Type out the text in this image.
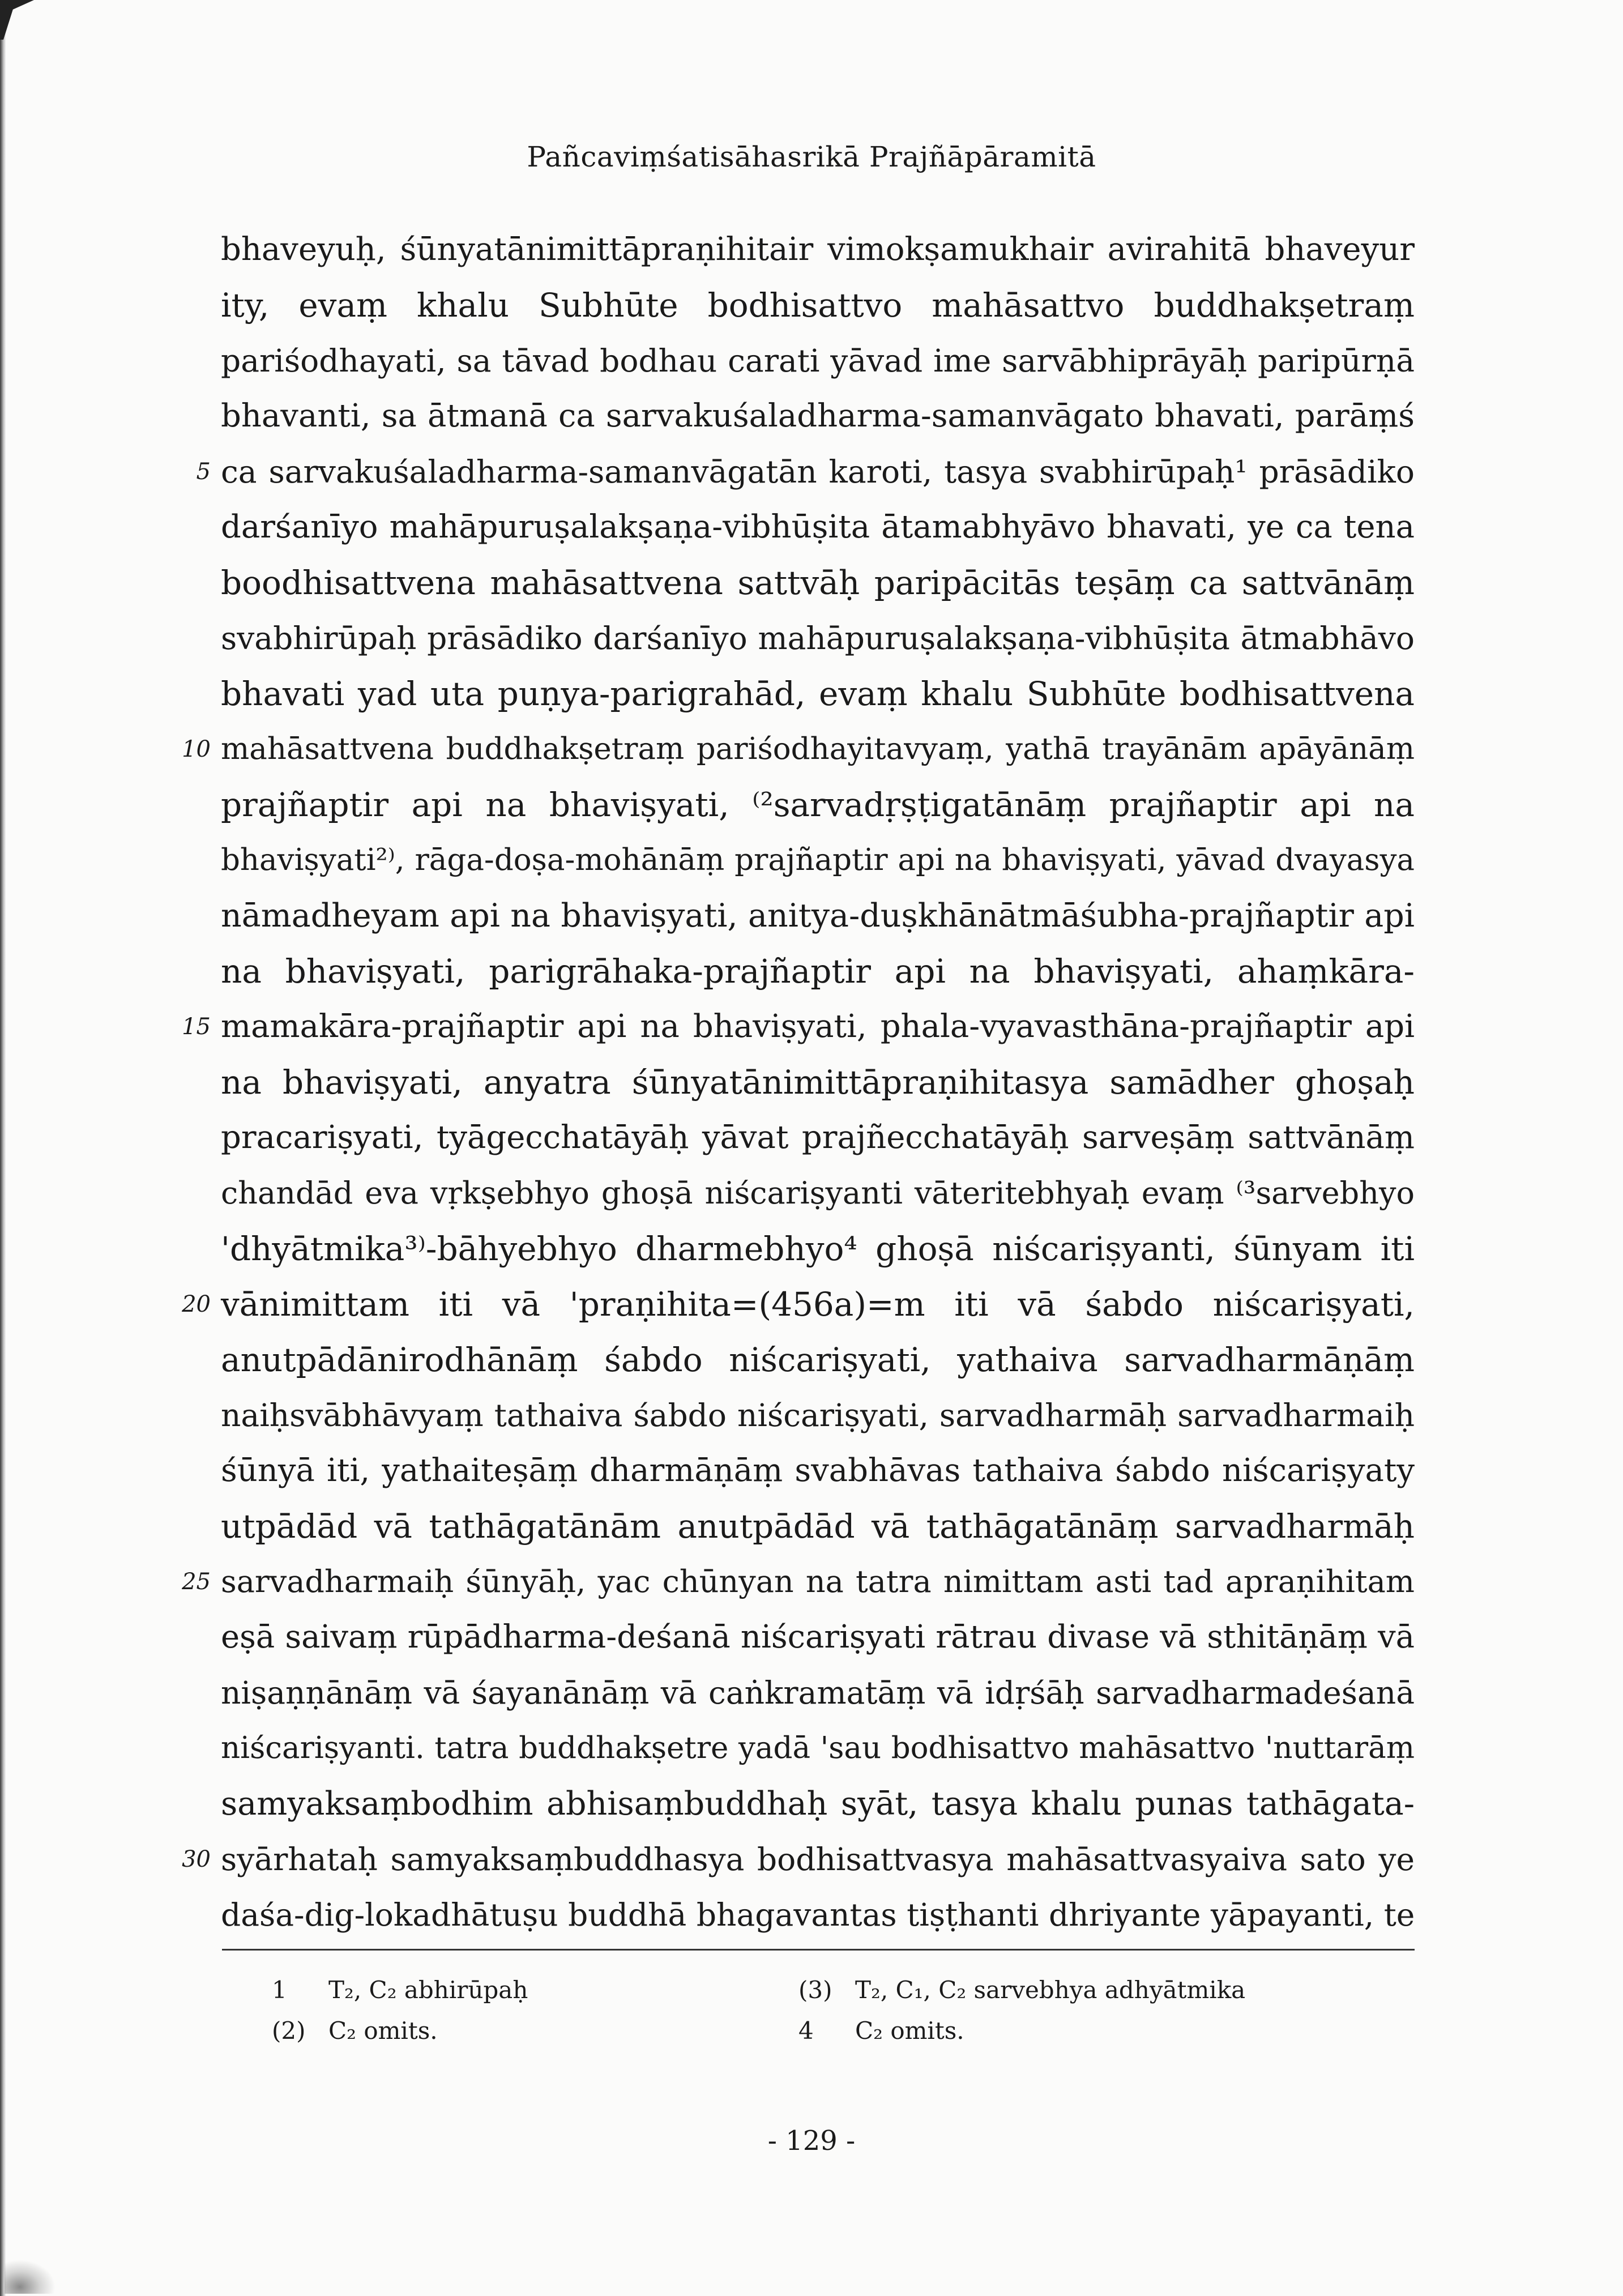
Pañcaviṃśatisāhasrikā Prajñāpāramitā
bhaveyuḥ, śūnyatānimittāpraṇihitair vimokṣamukhair avirahitā bhaveyur
ity, evaṃ khalu Subhūte bodhisattvo mahāsattvo buddhakṣetraṃ
pariśodhayati, sa tāvad bodhau carati yāvad ime sarvābhiprāyāḥ paripūrṇā
bhavanti, sa ātmanā ca sarvakuśaladharma-samanvāgato bhavati, parāṃś
5 ca sarvakuśaladharma-samanvāgatān karoti, tasya svabhirūpaḥ¹ prāsādiko
darśanīyo mahāpuruṣalakṣaṇa-vibhūṣita ātamabhyāvo bhavati, ye ca tena
boodhisattvena mahāsattvena sattvāḥ paripācitās teṣāṃ ca sattvānāṃ
svabhirūpaḥ prāsādiko darśanīyo mahāpuruṣalakṣaṇa-vibhūṣita ātmabhāvo
bhavati yad uta puṇya-parigrahād, evaṃ khalu Subhūte bodhisattvena
10 mahāsattvena buddhakṣetraṃ pariśodhayitavyaṃ, yathā trayānām apāyānāṃ
prajñaptir api na bhaviṣyati, ⁽²sarvadṛṣṭigatānāṃ prajñaptir api na
bhaviṣyati²⁾, rāga-doṣa-mohānāṃ prajñaptir api na bhaviṣyati, yāvad dvayasya
nāmadheyam api na bhaviṣyati, anitya-duṣkhānātmāśubha-prajñaptir api
na bhaviṣyati, parigrāhaka-prajñaptir api na bhaviṣyati, ahaṃkāra-
15 mamakāra-prajñaptir api na bhaviṣyati, phala-vyavasthāna-prajñaptir api
na bhaviṣyati, anyatra śūnyatānimittāpraṇihitasya samādher ghoṣaḥ
pracariṣyati, tyāgecchatāyāḥ yāvat prajñecchatāyāḥ sarveṣāṃ sattvānāṃ
chandād eva vṛkṣebhyo ghoṣā niścariṣyanti vāteritebhyaḥ evaṃ ⁽³sarvebhyo
'dhyātmika³⁾-bāhyebhyo dharmebhyo⁴ ghoṣā niścariṣyanti, śūnyam iti
20 vānimittam iti vā 'praṇihita=(456a)=m iti vā śabdo niścariṣyati,
anutpādānirodhānāṃ śabdo niścariṣyati, yathaiva sarvadharmāṇāṃ
naiḥsvābhāvyaṃ tathaiva śabdo niścariṣyati, sarvadharmāḥ sarvadharmaiḥ
śūnyā iti, yathaiteṣāṃ dharmāṇāṃ svabhāvas tathaiva śabdo niścariṣyaty
utpādād vā tathāgatānām anutpādād vā tathāgatānāṃ sarvadharmāḥ
25 sarvadharmaiḥ śūnyāḥ, yac chūnyan na tatra nimittam asti tad apraṇihitam
eṣā saivaṃ rūpādharma-deśanā niścariṣyati rātrau divase vā sthitāṇāṃ vā
niṣaṇṇānāṃ vā śayanānāṃ vā caṅkramatāṃ vā idṛśāḥ sarvadharmadeśanā
niścariṣyanti. tatra buddhakṣetre yadā 'sau bodhisattvo mahāsattvo 'nuttarāṃ
samyaksaṃbodhim abhisaṃbuddhaḥ syāt, tasya khalu punas tathāgata-
30 syārhataḥ samyaksaṃbuddhasya bodhisattvasya mahāsattvasyaiva sato ye
daśa-dig-lokadhātuṣu buddhā bhagavantas tiṣṭhanti dhriyante yāpayanti, te
1 T₂, C₂ abhirūpaḥ	(3) T₂, C₁, C₂ sarvebhya adhyātmika
(2) C₂ omits.	4 C₂ omits.
- 129 -
